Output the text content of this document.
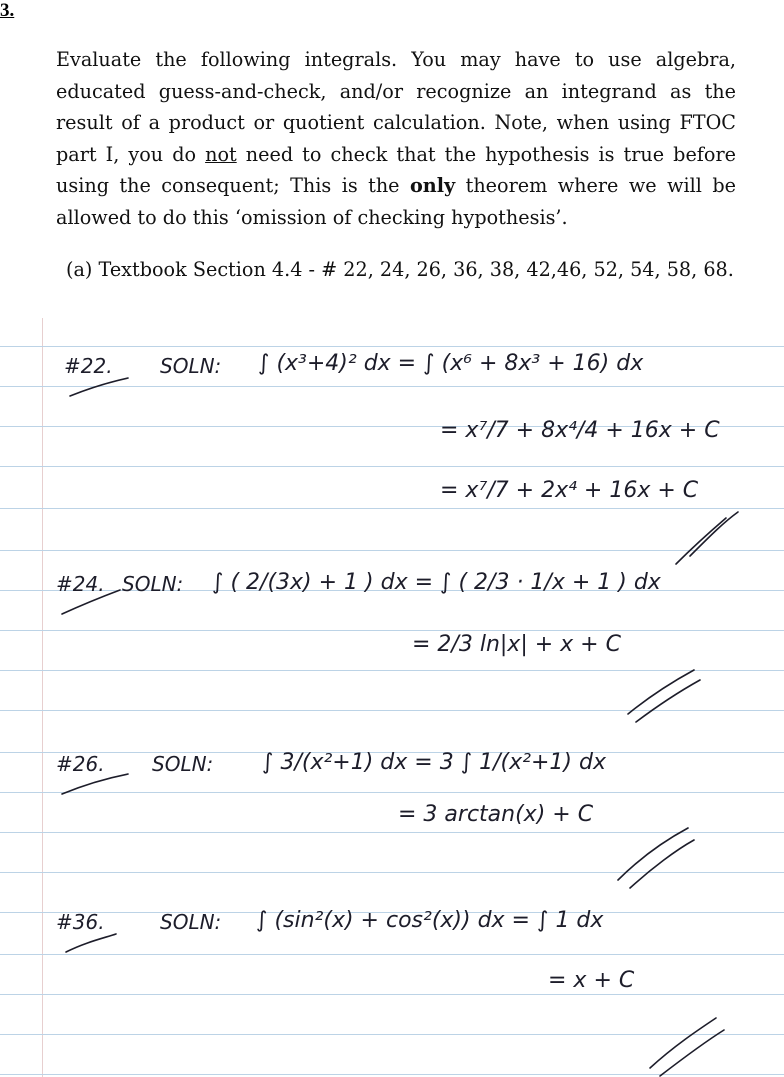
3.
Evaluate the following integrals. You may have to use algebra, educated guess-and-check, and/or recognize an integrand as the result of a product or quotient calculation. Note, when using FTOC part I, you do not need to check that the hypothesis is true before using the consequent; This is the only theorem where we will be allowed to do this ‘omission of checking hypothesis’.
(a) Textbook Section 4.4 - # 22, 24, 26, 36, 38, 42,46, 52, 54, 58, 68.
#22. SOLN: ∫ (x³+4)² dx = ∫ (x⁶ + 8x³ + 16) dx
= x⁷/7 + 8x⁴/4 + 16x + C
= x⁷/7 + 2x⁴ + 16x + C
#24. SOLN: ∫ ( 2/(3x) + 1 ) dx = ∫ ( 2/3 · 1/x + 1 ) dx
= 2/3 ln|x| + x + C
#26. SOLN: ∫ 3/(x²+1) dx = 3 ∫ 1/(x²+1) dx
= 3 arctan(x) + C
#36.	SOLN: ∫ (sin²(x) + cos²(x)) dx = ∫ 1 dx
= x + C
